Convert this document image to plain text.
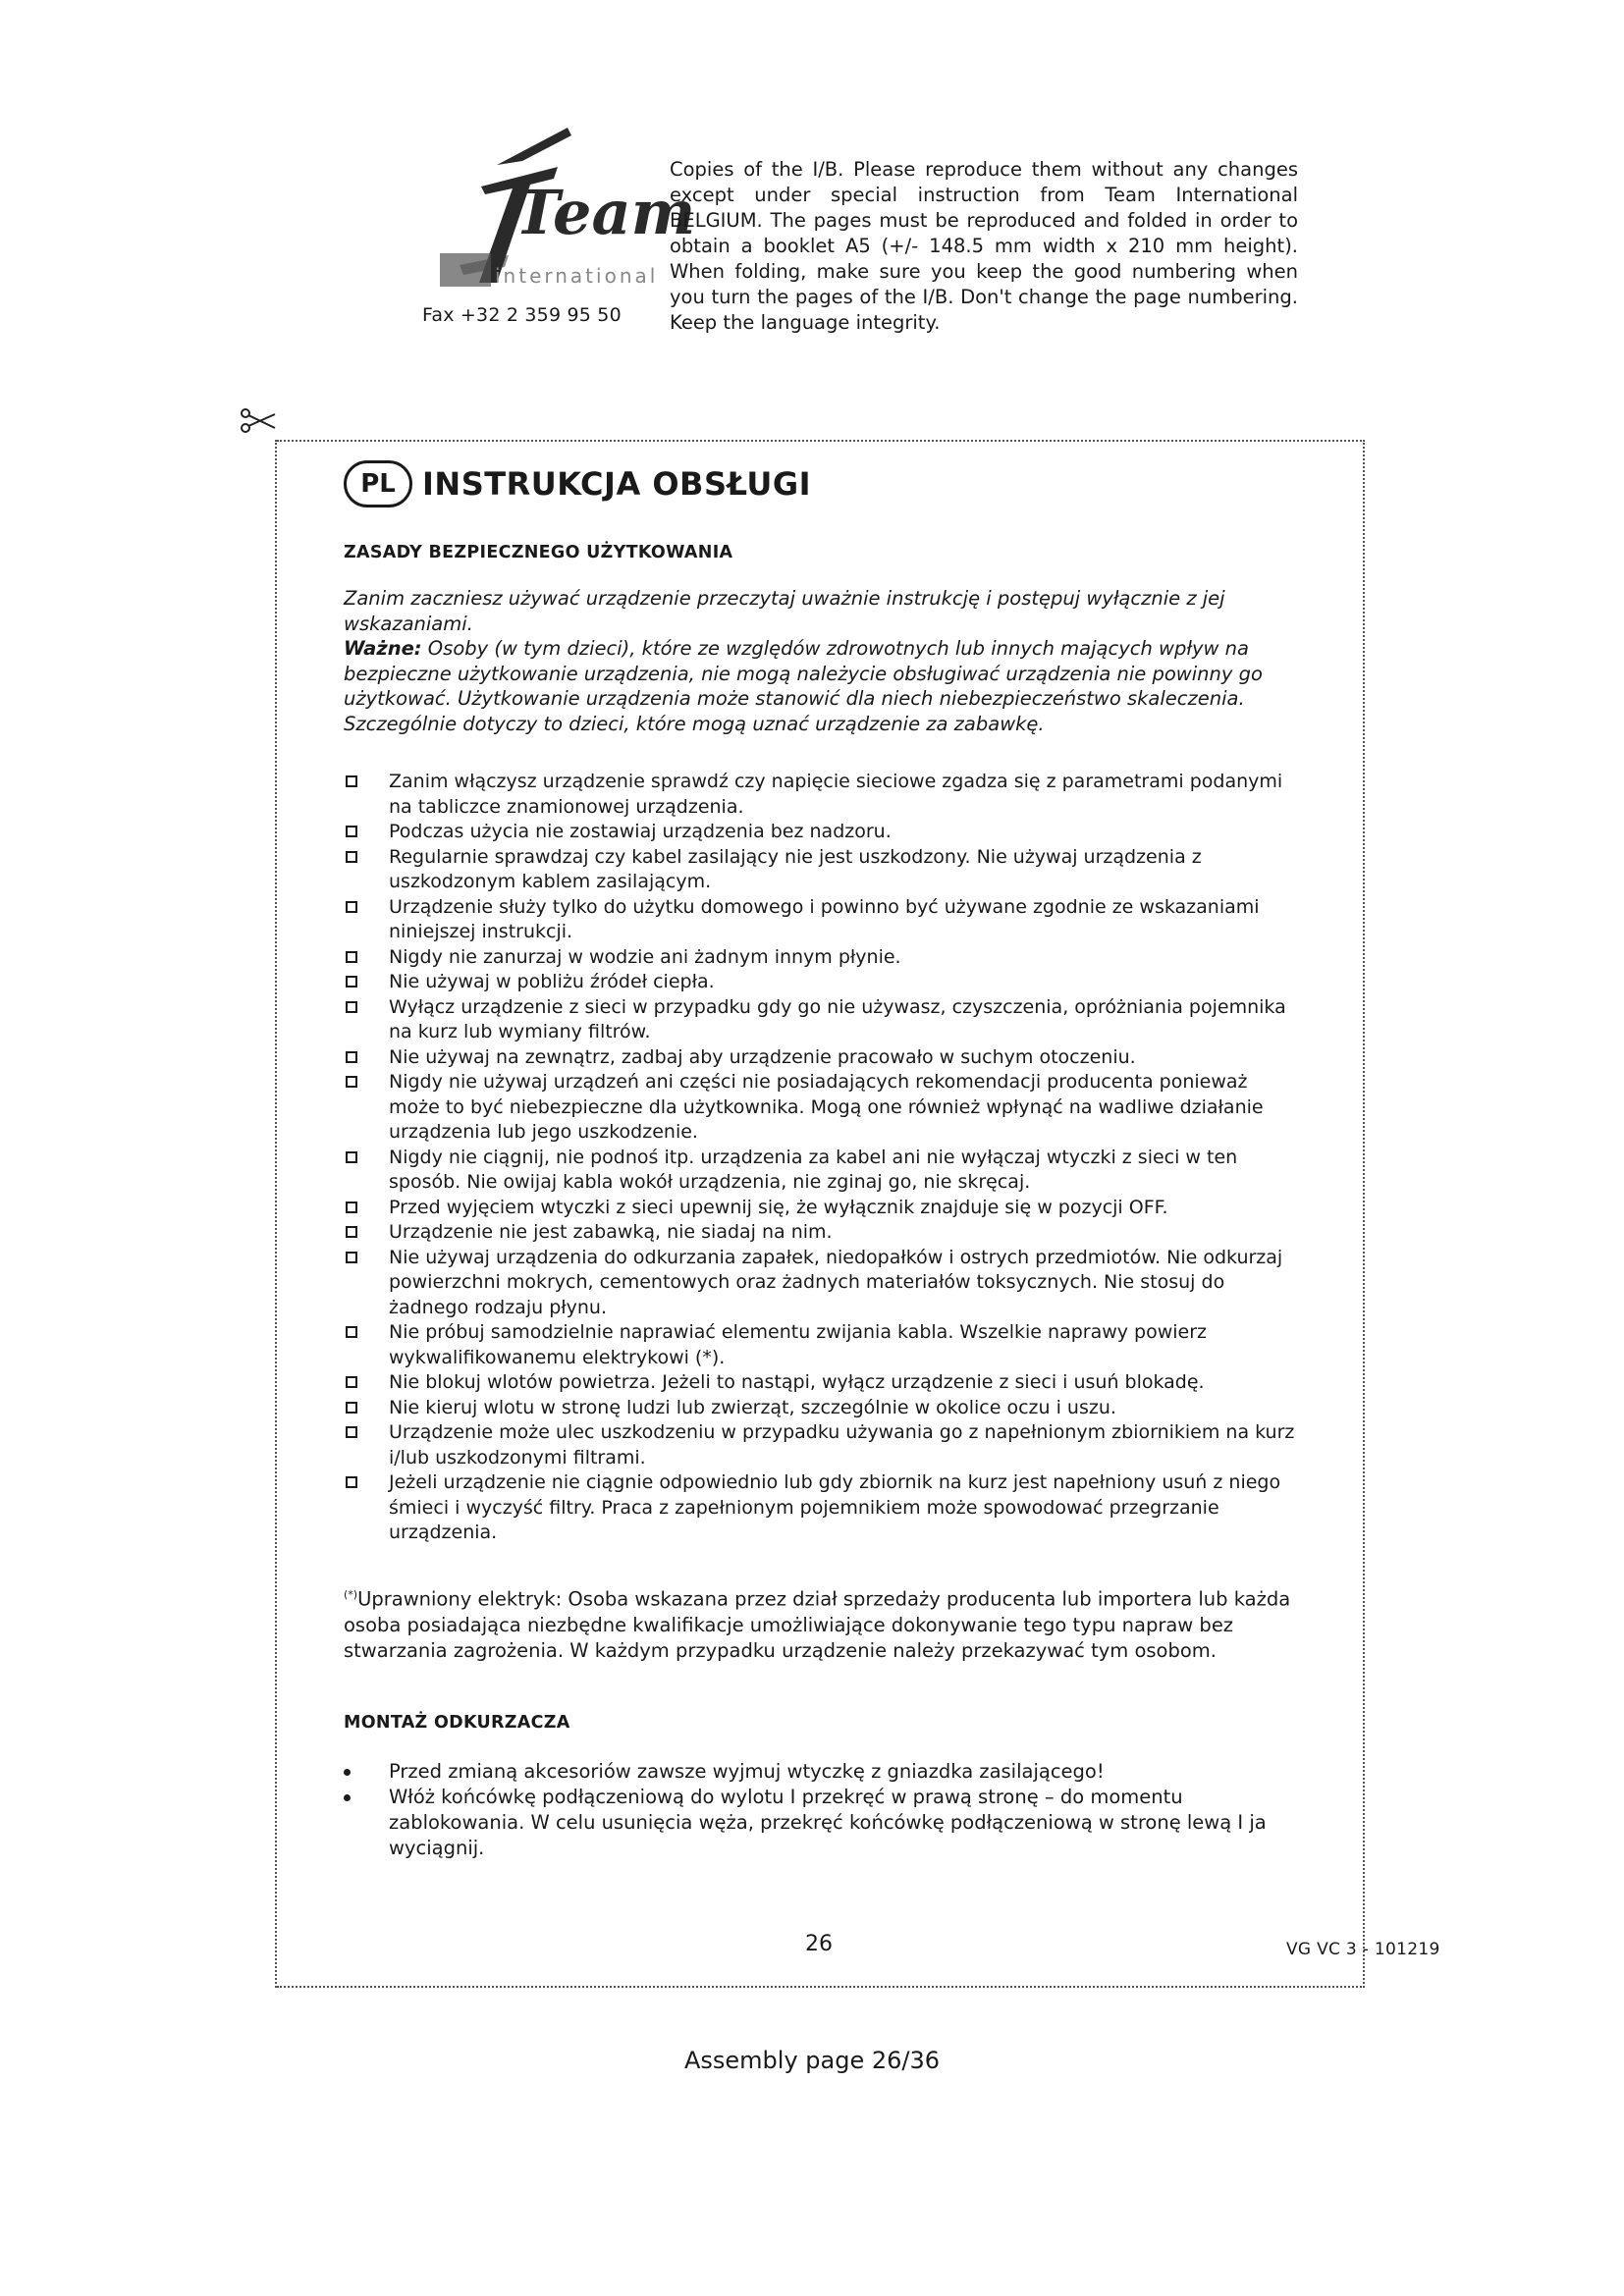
Team
international
Fax +32 2 359 95 50
Copies of the I/B. Please reproduce them without any changes except under special instruction from Team International BELGIUM. The pages must be reproduced and folded in order to obtain a booklet A5 (+/- 148.5 mm width x 210 mm height). When folding, make sure you keep the good numbering when you turn the pages of the I/B. Don't change the page numbering. Keep the language integrity.
PL INSTRUKCJA OBSŁUGI
ZASADY BEZPIECZNEGO UŻYTKOWANIA
Zanim zaczniesz używać urządzenie przeczytaj uważnie instrukcję i postępuj wyłącznie z jej wskazaniami.
Ważne: Osoby (w tym dzieci), które ze względów zdrowotnych lub innych mających wpływ na bezpieczne użytkowanie urządzenia, nie mogą należycie obsługiwać urządzenia nie powinny go użytkować. Użytkowanie urządzenia może stanowić dla niech niebezpieczeństwo skaleczenia. Szczególnie dotyczy to dzieci, które mogą uznać urządzenie za zabawkę.
Zanim włączysz urządzenie sprawdź czy napięcie sieciowe zgadza się z parametrami podanymi na tabliczce znamionowej urządzenia.
Podczas użycia nie zostawiaj urządzenia bez nadzoru.
Regularnie sprawdzaj czy kabel zasilający nie jest uszkodzony. Nie używaj urządzenia z uszkodzonym kablem zasilającym.
Urządzenie służy tylko do użytku domowego i powinno być używane zgodnie ze wskazaniami niniejszej instrukcji.
Nigdy nie zanurzaj w wodzie ani żadnym innym płynie.
Nie używaj w pobliżu źródeł ciepła.
Wyłącz urządzenie z sieci w przypadku gdy go nie używasz, czyszczenia, opróżniania pojemnika na kurz lub wymiany filtrów.
Nie używaj na zewnątrz, zadbaj aby urządzenie pracowało w suchym otoczeniu.
Nigdy nie używaj urządzeń ani części nie posiadających rekomendacji producenta ponieważ może to być niebezpieczne dla użytkownika. Mogą one również wpłynąć na wadliwe działanie urządzenia lub jego uszkodzenie.
Nigdy nie ciągnij, nie podnoś itp. urządzenia za kabel ani nie wyłączaj wtyczki z sieci w ten sposób. Nie owijaj kabla wokół urządzenia, nie zginaj go, nie skręcaj.
Przed wyjęciem wtyczki z sieci upewnij się, że wyłącznik znajduje się w pozycji OFF.
Urządzenie nie jest zabawką, nie siadaj na nim.
Nie używaj urządzenia do odkurzania zapałek, niedopałków i ostrych przedmiotów. Nie odkurzaj powierzchni mokrych, cementowych oraz żadnych materiałów toksycznych. Nie stosuj do żadnego rodzaju płynu.
Nie próbuj samodzielnie naprawiać elementu zwijania kabla. Wszelkie naprawy powierz wykwalifikowanemu elektrykowi (*).
Nie blokuj wlotów powietrza. Jeżeli to nastąpi, wyłącz urządzenie z sieci i usuń blokadę.
Nie kieruj wlotu w stronę ludzi lub zwierząt, szczególnie w okolice oczu i uszu.
Urządzenie może ulec uszkodzeniu w przypadku używania go z napełnionym zbiornikiem na kurz i/lub uszkodzonymi filtrami.
Jeżeli urządzenie nie ciągnie odpowiednio lub gdy zbiornik na kurz jest napełniony usuń z niego śmieci i wyczyść filtry. Praca z zapełnionym pojemnikiem może spowodować przegrzanie urządzenia.
(*)Uprawniony elektryk: Osoba wskazana przez dział sprzedaży producenta lub importera lub każda osoba posiadająca niezbędne kwalifikacje umożliwiające dokonywanie tego typu napraw bez stwarzania zagrożenia. W każdym przypadku urządzenie należy przekazywać tym osobom.
MONTAŻ ODKURZACZA
Przed zmianą akcesoriów zawsze wyjmuj wtyczkę z gniazdka zasilającego!
Włóż końcówkę podłączeniową do wylotu I przekręć w prawą stronę – do momentu zablokowania. W celu usunięcia węża, przekręć końcówkę podłączeniową w stronę lewą I ja wyciągnij.
26	VG VC 3 - 101219
Assembly page 26/36
